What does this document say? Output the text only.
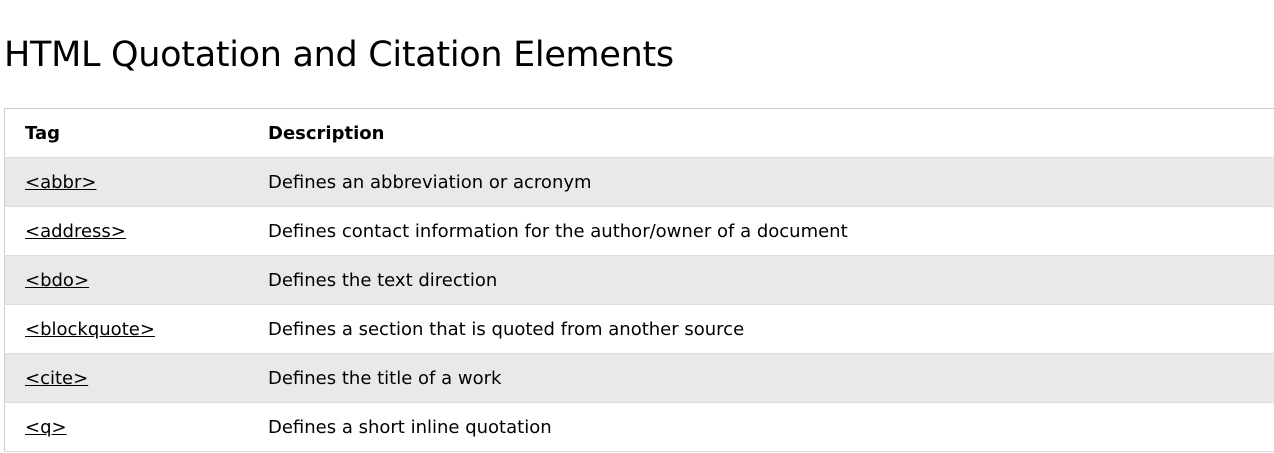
HTML Quotation and Citation Elements
Tag	Description
<abbr>	Defines an abbreviation or acronym
<address>	Defines contact information for the author/owner of a document
<bdo>	Defines the text direction
<blockquote>	Defines a section that is quoted from another source
<cite>	Defines the title of a work
<q>	Defines a short inline quotation
